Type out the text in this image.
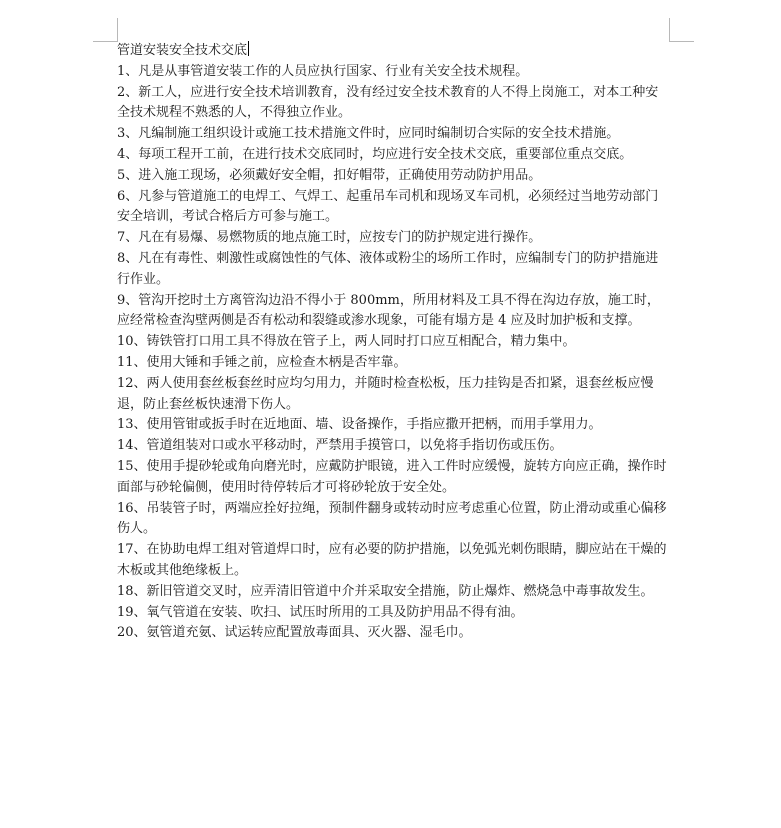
管道安装安全技术交底

1、凡是从事管道安装工作的人员应执行国家、行业有关安全技术规程。

2、新工人，应进行安全技术培训教育，没有经过安全技术教育的人不得上岗施工，对本工种安全技术规程不熟悉的人，不得独立作业。

3、凡编制施工组织设计或施工技术措施文件时，应同时编制切合实际的安全技术措施。

4、每项工程开工前，在进行技术交底同时，均应进行安全技术交底，重要部位重点交底。

5、进入施工现场，必须戴好安全帽，扣好帽带，正确使用劳动防护用品。

6、凡参与管道施工的电焊工、气焊工、起重吊车司机和现场叉车司机，必须经过当地劳动部门安全培训，考试合格后方可参与施工。

7、凡在有易爆、易燃物质的地点施工时，应按专门的防护规定进行操作。

8、凡在有毒性、刺激性或腐蚀性的气体、液体或粉尘的场所工作时，应编制专门的防护措施进行作业。

9、管沟开挖时土方离管沟边沿不得小于 800mm，所用材料及工具不得在沟边存放，施工时，应经常检查沟壁两侧是否有松动和裂缝或渗水现象，可能有塌方是 4 应及时加护板和支撑。

10、铸铁管打口用工具不得放在管子上，两人同时打口应互相配合，精力集中。

11、使用大锤和手锤之前，应检查木柄是否牢靠。

12、两人使用套丝板套丝时应均匀用力，并随时检查松板，压力挂钩是否扣紧，退套丝板应慢退，防止套丝板快速滑下伤人。

13、使用管钳或扳手时在近地面、墙、设备操作，手指应撒开把柄，而用手掌用力。

14、管道组装对口或水平移动时，严禁用手摸管口，以免将手指切伤或压伤。

15、使用手提砂轮或角向磨光时，应戴防护眼镜，进入工件时应缓慢，旋转方向应正确，操作时面部与砂轮偏侧，使用时待停转后才可将砂轮放于安全处。

16、吊装管子时，两端应拴好拉绳，预制件翻身或转动时应考虑重心位置，防止滑动或重心偏移伤人。

17、在协助电焊工组对管道焊口时，应有必要的防护措施，以免弧光刺伤眼睛，脚应站在干燥的木板或其他绝缘板上。

18、新旧管道交叉时，应弄清旧管道中介并采取安全措施，防止爆炸、燃烧急中毒事故发生。

19、氧气管道在安装、吹扫、试压时所用的工具及防护用品不得有油。

20、氨管道充氨、试运转应配置放毒面具、灭火器、湿毛巾。
